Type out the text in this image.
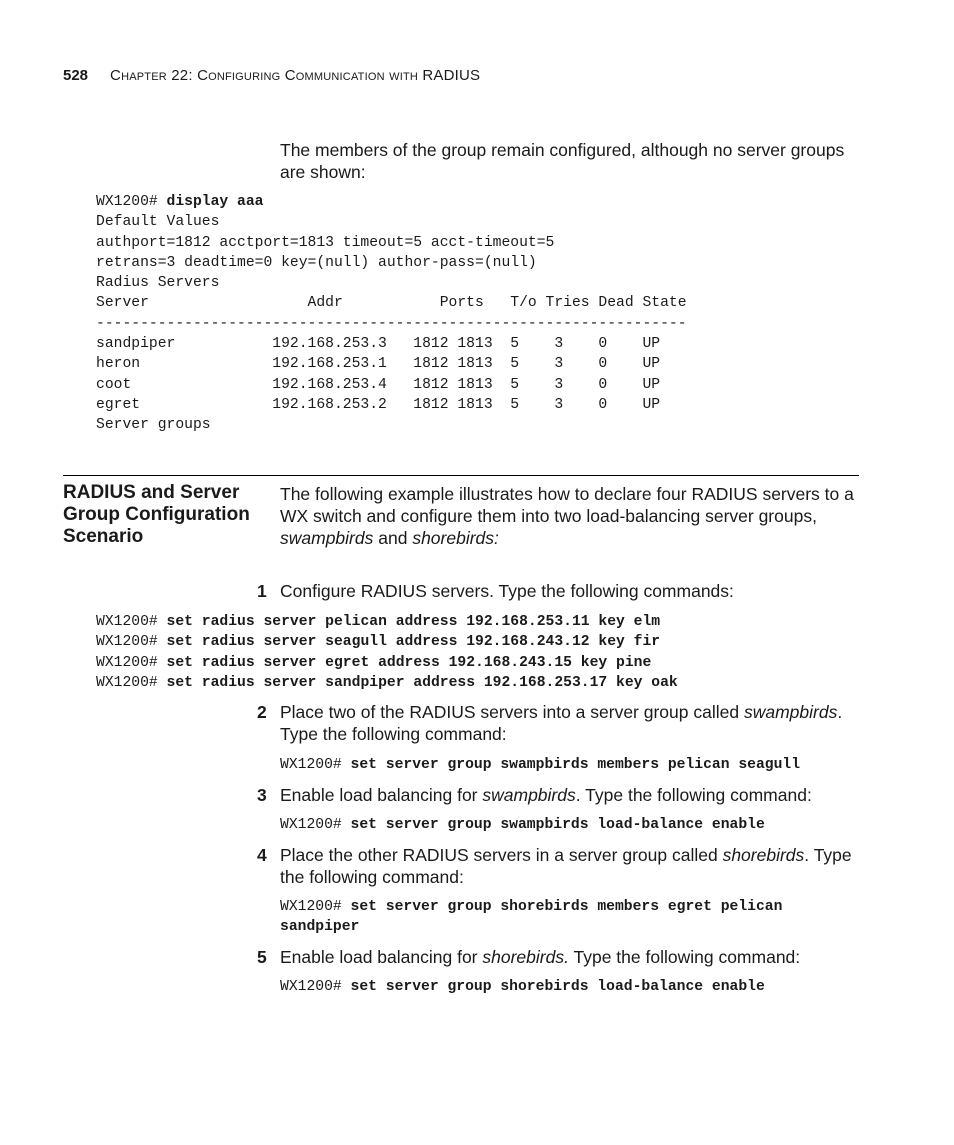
528 Chapter 22: Configuring Communication with RADIUS
The members of the group remain configured, although no server groups are shown:
WX1200# display aaa
Default Values
authport=1812 acctport=1813 timeout=5 acct-timeout=5
retrans=3 deadtime=0 key=(null) author-pass=(null)
Radius Servers
Server                  Addr           Ports   T/o Tries Dead State
-------------------------------------------------------------------
sandpiper           192.168.253.3   1812 1813  5    3    0    UP
heron               192.168.253.1   1812 1813  5    3    0    UP
coot                192.168.253.4   1812 1813  5    3    0    UP
egret               192.168.253.2   1812 1813  5    3    0    UP
Server groups
RADIUS and Server Group Configuration Scenario
The following example illustrates how to declare four RADIUS servers to a WX switch and configure them into two load-balancing server groups, swampbirds and shorebirds:
1 Configure RADIUS servers. Type the following commands:
WX1200# set radius server pelican address 192.168.253.11 key elm
WX1200# set radius server seagull address 192.168.243.12 key fir
WX1200# set radius server egret address 192.168.243.15 key pine
WX1200# set radius server sandpiper address 192.168.253.17 key oak
2 Place two of the RADIUS servers into a server group called swampbirds. Type the following command:
WX1200# set server group swampbirds members pelican seagull
3 Enable load balancing for swampbirds. Type the following command:
WX1200# set server group swampbirds load-balance enable
4 Place the other RADIUS servers in a server group called shorebirds. Type the following command:
WX1200# set server group shorebirds members egret pelican
sandpiper
5 Enable load balancing for shorebirds. Type the following command:
WX1200# set server group shorebirds load-balance enable
